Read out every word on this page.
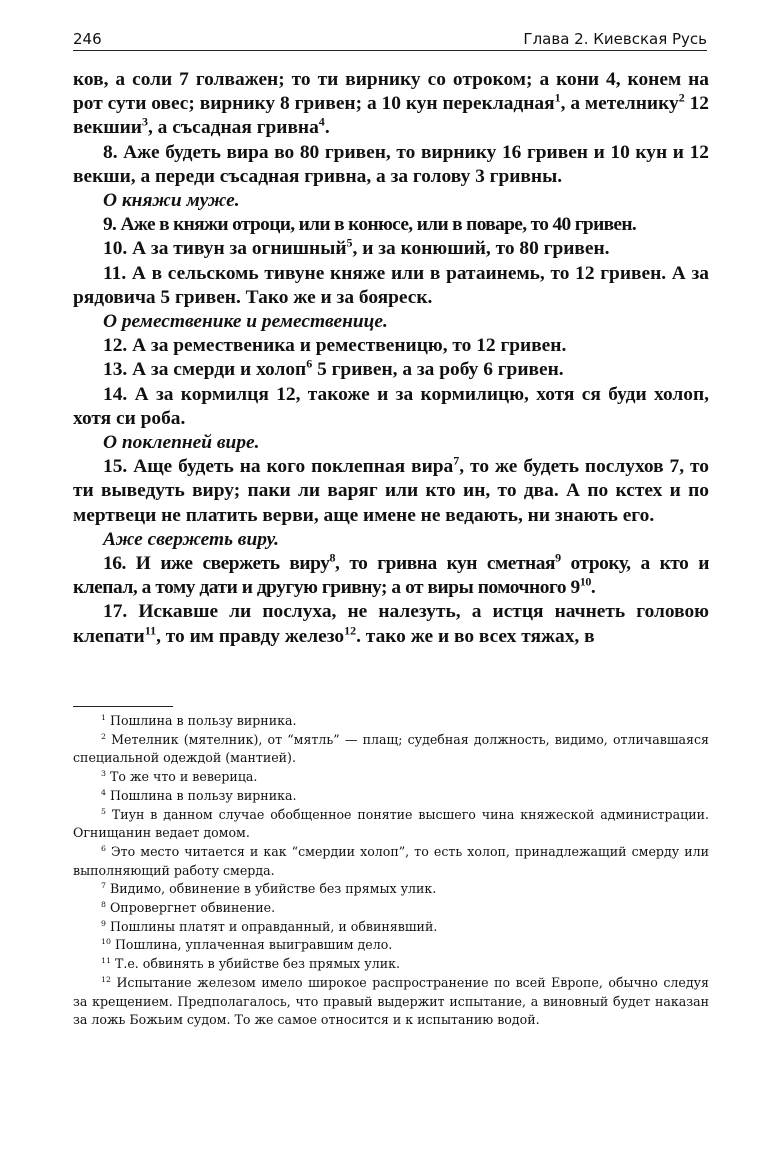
246	Глава 2. Киевская Русь

ков, а соли 7 голважен; то ти вирнику со отроком; а кони 4, конем на рот сути овес; вирнику 8 гривен; а 10 кун перекладная$^1$, а метелнику$^2$ 12 векшии$^3$, а съсадная гривна$^4$.

8. Аже будеть вира во 80 гривен, то вирнику 16 гривен и 10 кун и 12 векши, а переди съсадная гривна, а за голову 3 гривны.

О княжи муже.

9. Аже в княжи отроци, или в конюсе, или в поваре, то 40 гривен.

10. А за тивун за огнишный$^5$, и за конюший, то 80 гривен.

11. А в сельскомь тивуне княже или в ратаинемь, то 12 гривен. А за рядовича 5 гривен. Тако же и за бояреск.

О ремественике и ремественице.

12. А за ремественика и ремественицю, то 12 гривен.

13. А за смерди и холоп$^6$ 5 гривен, а за робу 6 гривен.

14. А за кормилця 12, такоже и за кормилицю, хотя ся буди холоп, хотя си роба.

О поклепней вире.

15. Аще будеть на кого поклепная вира$^7$, то же будеть послухов 7, то ти выведуть виру; паки ли варяг или кто ин, то два. А по кстех и по мертвеци не платить верви, аще имене не ведають, ни знають его.

Аже свержеть виру.

16. И иже свержеть виру$^8$, то гривна кун сметная$^9$ отроку, а кто и клепал, а тому дати и другую гривну; а от виры помочного $9^{10}$.

17. Искавше ли послуха, не налезуть, а истця начнеть головою клепати$^{11}$, то им правду железо$^{12}$. тако же и во всех тяжах, в

$^1$ Пошлина в пользу вирника.

$^2$ Метелник (мятелник), от “мятль” — плащ; судебная должность, видимо, отличавшаяся специальной одеждой (мантией).

$^3$ То же что и веверица.

$^4$ Пошлина в пользу вирника.

$^5$ Тиун в данном случае обобщенное понятие высшего чина княжеской администрации. Огнищанин ведает домом.

$^6$ Это место читается и как “смердии холоп”, то есть холоп, принадлежащий смерду или выполняющий работу смерда.

$^7$ Видимо, обвинение в убийстве без прямых улик.

$^8$ Опровергнет обвинение.

$^9$ Пошлины платят и оправданный, и обвинявший.

$^{10}$ Пошлина, уплаченная выигравшим дело.

$^{11}$ Т.е. обвинять в убийстве без прямых улик.

$^{12}$ Испытание железом имело широкое распространение по всей Европе, обычно следуя за крещением. Предполагалось, что правый выдержит испытание, а виновный будет наказан за ложь Божьим судом. То же самое относится и к испытанию водой.
